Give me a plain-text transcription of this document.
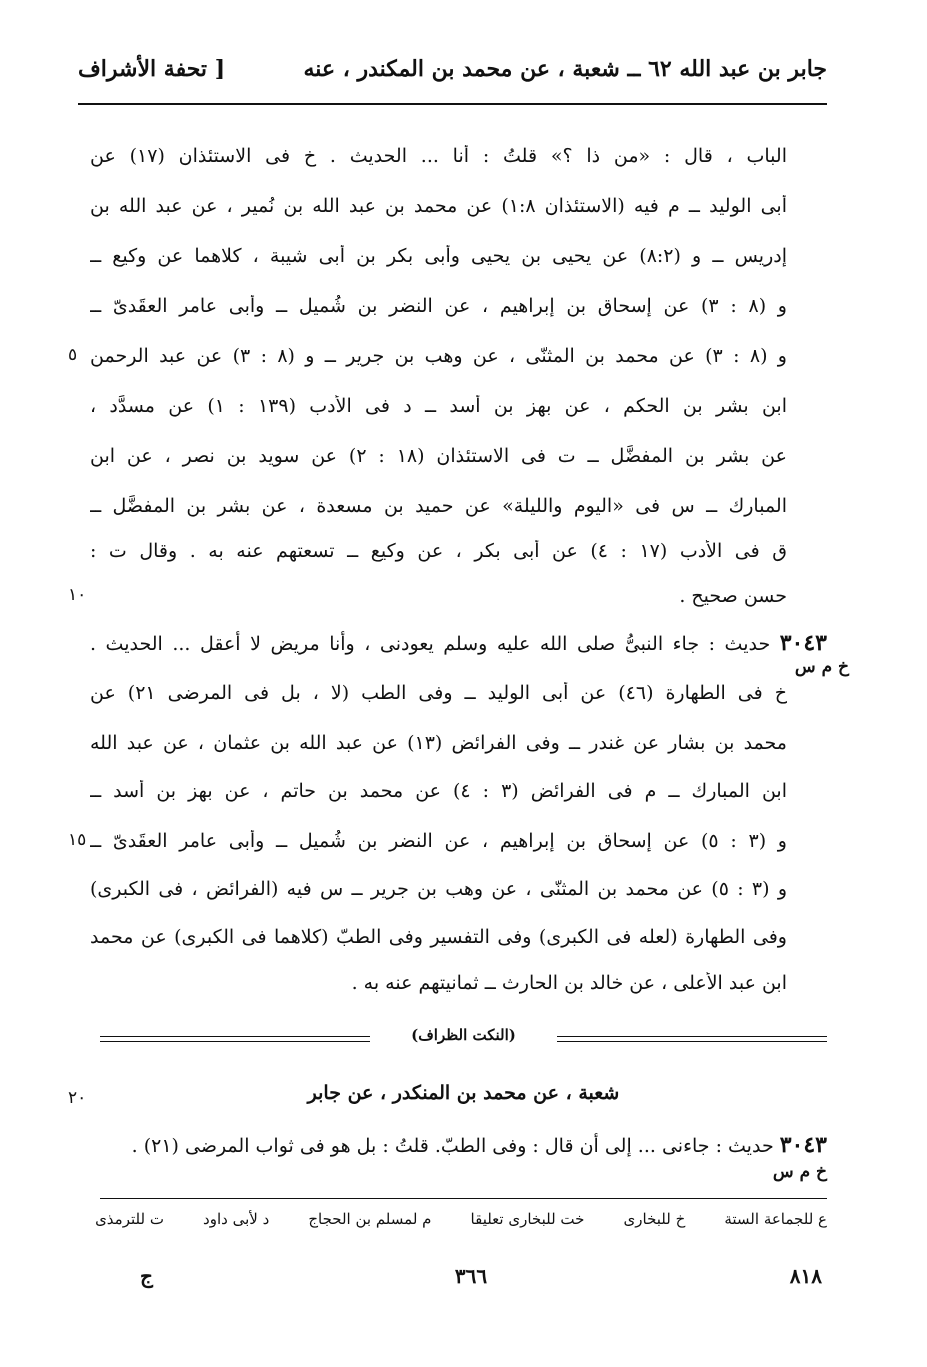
جابر بن عبد الله ٦٢ ــ شعبة ، عن محمد بن المكندر ، عنه
[ تحفة الأشراف
الباب ، قال : «من ذا ؟» قلتُ : أنا ... الحديث . خ فى الاستئذان (١٧) عن
أبى الوليد ــ م فيه (الاستئذان ١:٨) عن محمد بن عبد الله بن نُمير ، عن عبد الله بن
إدريس ــ و (٨:٢) عن يحيى بن يحيى وأبى بكر بن أبى شيبة ، كلاهما عن وكيع ــ
و (٨ : ٣) عن إسحاق بن إبراهيم ، عن النضر بن شُميل ــ وأبى عامر العقَدىّ ــ
و (٨ : ٣) عن محمد بن المثنّى ، عن وهب بن جرير ــ و (٨ : ٣) عن عبد الرحمن
٥
ابن بشر بن الحكم ، عن بهز بن أسد ــ د فى الأدب (١٣٩ : ١) عن مسدَّد ،
عن بشر بن المفضَّل ــ ت فى الاستئذان (١٨ : ٢) عن سويد بن نصر ، عن ابن
المبارك ــ س فى «اليوم والليلة» عن حميد بن مسعدة ، عن بشر بن المفضَّل ــ
ق فى الأدب (١٧ : ٤) عن أبى بكر ، عن وكيع ــ تسعتهم عنه به . وقال ت :
حسن صحيح .
١٠
٣٠٤٣ حديث : جاء النبىُّ صلى الله عليه وسلم يعودنى ، وأنا مريض لا أعقل ... الحديث .
خ م س
خ فى الطهارة (٤٦) عن أبى الوليد ــ وفى الطب (لا ، بل فى المرضى ٢١) عن
محمد بن بشار عن غندر ــ وفى الفرائض (١٣) عن عبد الله بن عثمان ، عن عبد الله
ابن المبارك ــ م فى الفرائض (٣ : ٤) عن محمد بن حاتم ، عن بهز بن أسد ــ
و (٣ : ٥) عن إسحاق بن إبراهيم ، عن النضر بن شُميل ــ وأبى عامر العقَدىّ ــ
١٥
و (٣ : ٥) عن محمد بن المثنّى ، عن وهب بن جرير ــ س فيه (الفرائض ، فى الكبرى)
وفى الطهارة (لعله فى الكبرى) وفى التفسير وفى الطبّ (كلاهما فى الكبرى) عن محمد
ابن عبد الأعلى ، عن خالد بن الحارث ــ ثمانيتهم عنه به .
(النكت الظراف)
شعبة ، عن محمد بن المنكدر ، عن جابر
٢٠
٣٠٤٣ حديث : جاءنى ... إلى أن قال : وفى الطبّ. قلتُ : بل هو فى ثواب المرضى (٢١) .
خ م س
ع للجماعة الستة
خ للبخارى
خت للبخارى تعليقا
م لمسلم بن الحجاج
د لأبى داود
ت للترمذى
٨١٨
٣٦٦
ج
